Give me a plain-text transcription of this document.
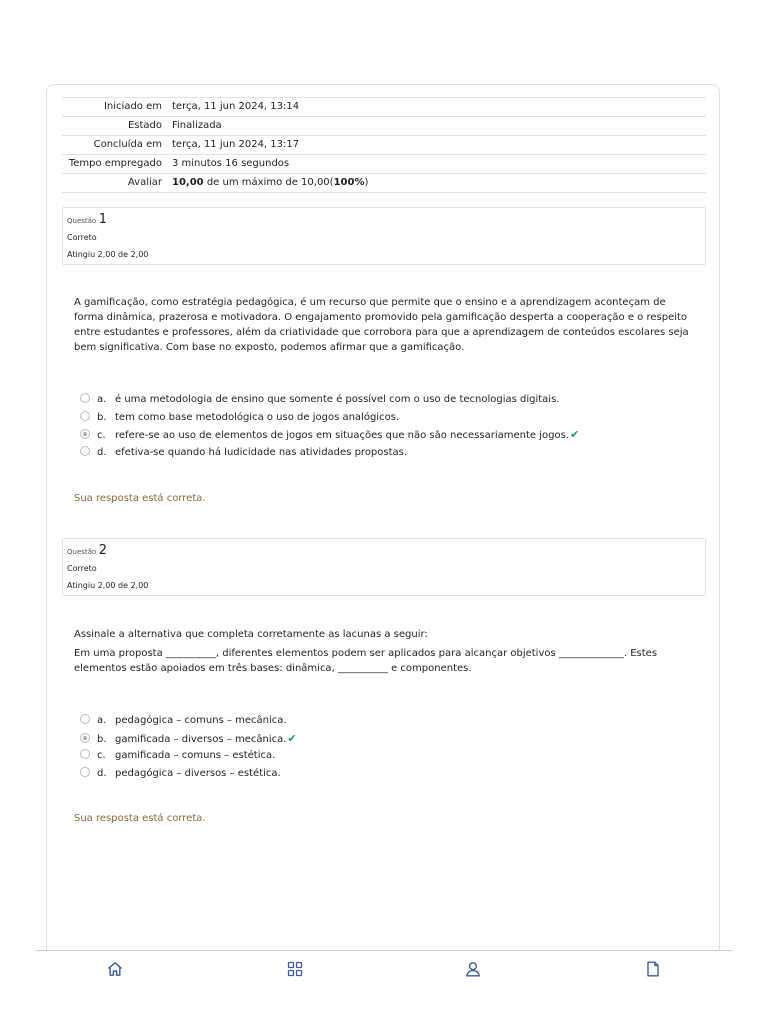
Iniciado em	terça, 11 jun 2024, 13:14
Estado	Finalizada
Concluída em	terça, 11 jun 2024, 13:17
Tempo empregado	3 minutos 16 segundos
Avaliar	10,00 de um máximo de 10,00(100%)
Questão 1
Correto
Atingiu 2,00 de 2,00

A gamificação, como estratégia pedagógica, é um recurso que permite que o ensino e a aprendizagem aconteçam de forma dinâmica, prazerosa e motivadora. O engajamento promovido pela gamificação desperta a cooperação e o respeito entre estudantes e professores, além da criatividade que corrobora para que a aprendizagem de conteúdos escolares seja bem significativa. Com base no exposto, podemos afirmar que a gamificação.

a. é uma metodologia de ensino que somente é possível com o uso de tecnologias digitais.
b. tem como base metodológica o uso de jogos analógicos.
c. refere-se ao uso de elementos de jogos em situações que não são necessariamente jogos.✔
d. efetiva-se quando há ludicidade nas atividades propostas.
Sua resposta está correta.
Questão 2
Correto
Atingiu 2,00 de 2,00

Assinale a alternativa que completa corretamente as lacunas a seguir:

Em uma proposta __________, diferentes elementos podem ser aplicados para alcançar objetivos _____________. Estes elementos estão apoiados em três bases: dinâmica, __________ e componentes.

a. pedagógica – comuns – mecânica.
b. gamificada – diversos – mecânica.✔
c. gamificada – comuns – estética.
d. pedagógica – diversos – estética.
Sua resposta está correta.
